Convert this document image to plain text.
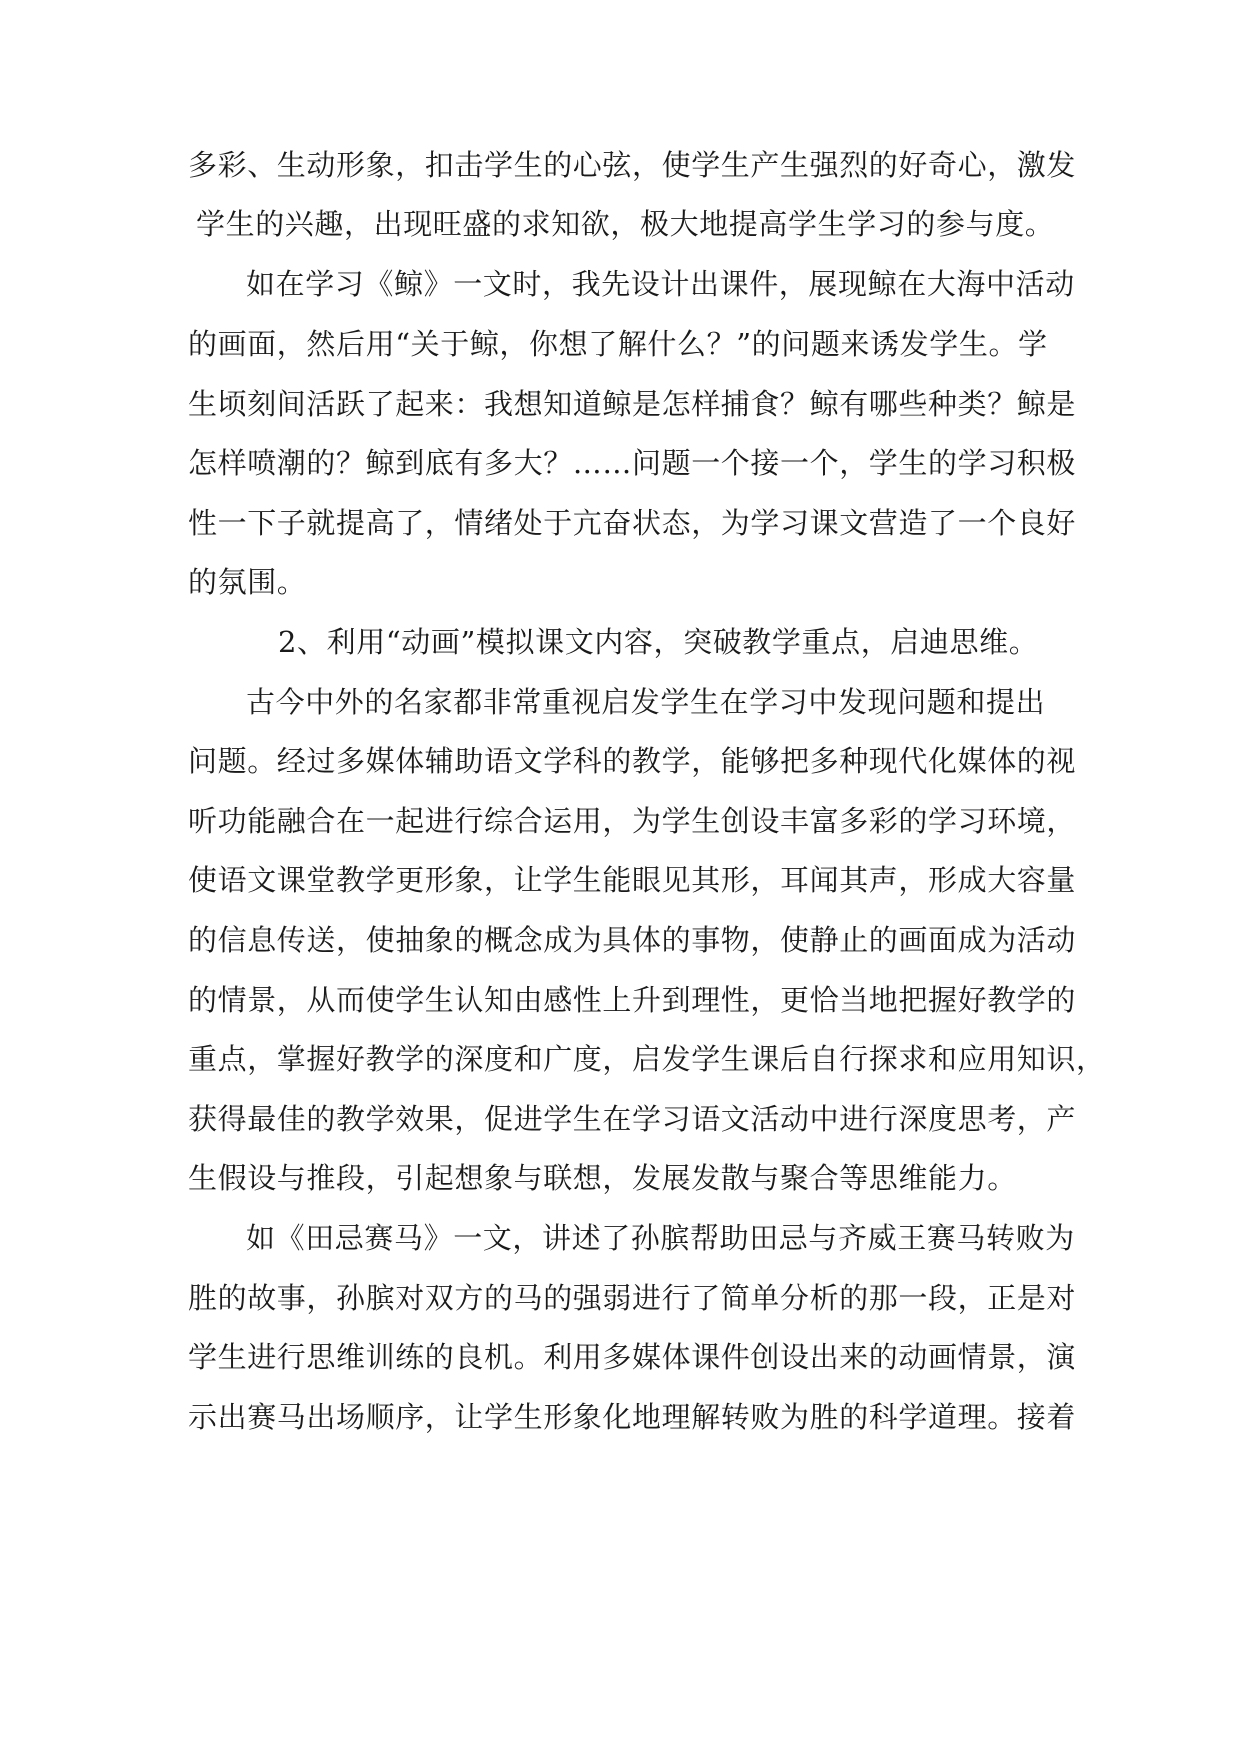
多彩、生动形象，扣击学生的心弦，使学生产生强烈的好奇心，激发
学生的兴趣，出现旺盛的求知欲，极大地提高学生学习的参与度。
如在学习《鲸》一文时，我先设计出课件，展现鲸在大海中活动
的画面，然后用“关于鲸，你想了解什么？”的问题来诱发学生。学
生顷刻间活跃了起来：我想知道鲸是怎样捕食？鲸有哪些种类？鲸是
怎样喷潮的？鲸到底有多大？……问题一个接一个，学生的学习积极
性一下子就提高了，情绪处于亢奋状态，为学习课文营造了一个良好
的氛围。
2、利用“动画”模拟课文内容，突破教学重点，启迪思维。
古今中外的名家都非常重视启发学生在学习中发现问题和提出
问题。经过多媒体辅助语文学科的教学，能够把多种现代化媒体的视
听功能融合在一起进行综合运用，为学生创设丰富多彩的学习环境，
使语文课堂教学更形象，让学生能眼见其形，耳闻其声，形成大容量
的信息传送，使抽象的概念成为具体的事物，使静止的画面成为活动
的情景，从而使学生认知由感性上升到理性，更恰当地把握好教学的
重点，掌握好教学的深度和广度，启发学生课后自行探求和应用知识，
获得最佳的教学效果，促进学生在学习语文活动中进行深度思考，产
生假设与推段，引起想象与联想，发展发散与聚合等思维能力。
如《田忌赛马》一文，讲述了孙膑帮助田忌与齐威王赛马转败为
胜的故事，孙膑对双方的马的强弱进行了简单分析的那一段，正是对
学生进行思维训练的良机。利用多媒体课件创设出来的动画情景，演
示出赛马出场顺序，让学生形象化地理解转败为胜的科学道理。接着
